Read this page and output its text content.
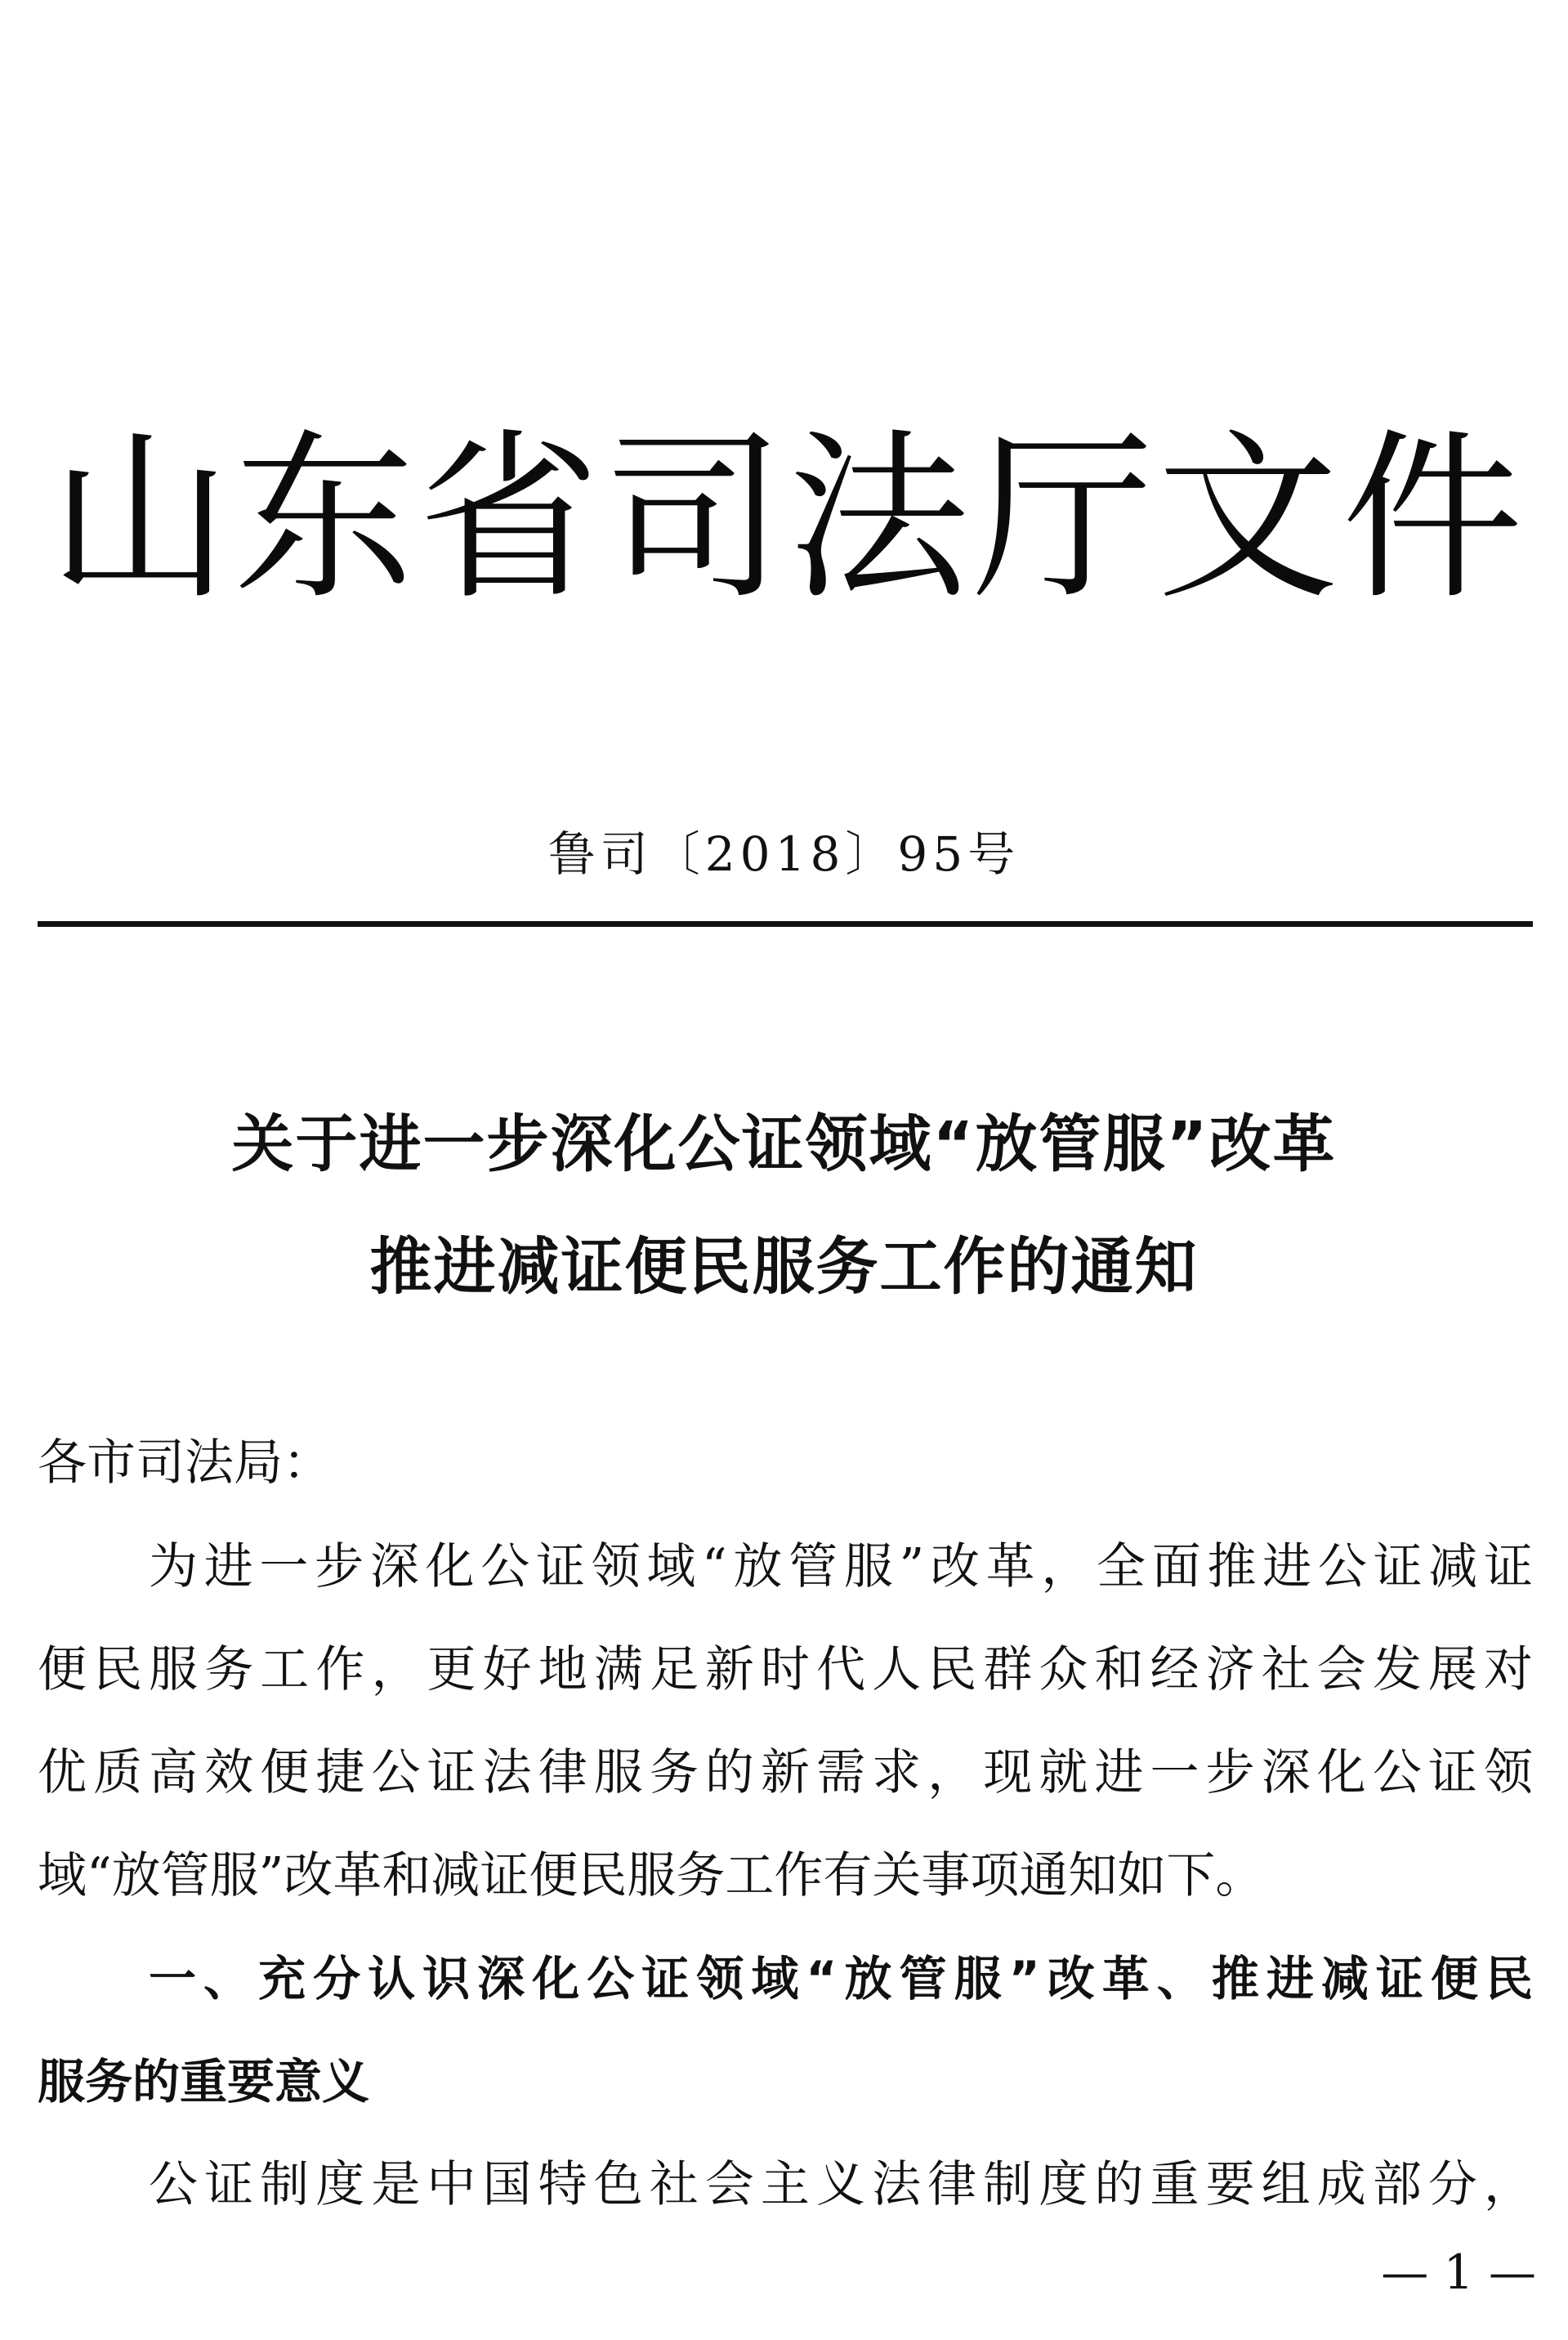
山东省司法厅文件
鲁司〔2018〕95号
关于进一步深化公证领域“放管服”改革
推进减证便民服务工作的通知
各市司法局：
为进一步深化公证领域“放管服”改革，全面推进公证减证
便民服务工作，更好地满足新时代人民群众和经济社会发展对
优质高效便捷公证法律服务的新需求，现就进一步深化公证领
域“放管服”改革和减证便民服务工作有关事项通知如下。
一、充分认识深化公证领域“放管服”改革、推进减证便民
服务的重要意义
公证制度是中国特色社会主义法律制度的重要组成部分，
— 1 —
